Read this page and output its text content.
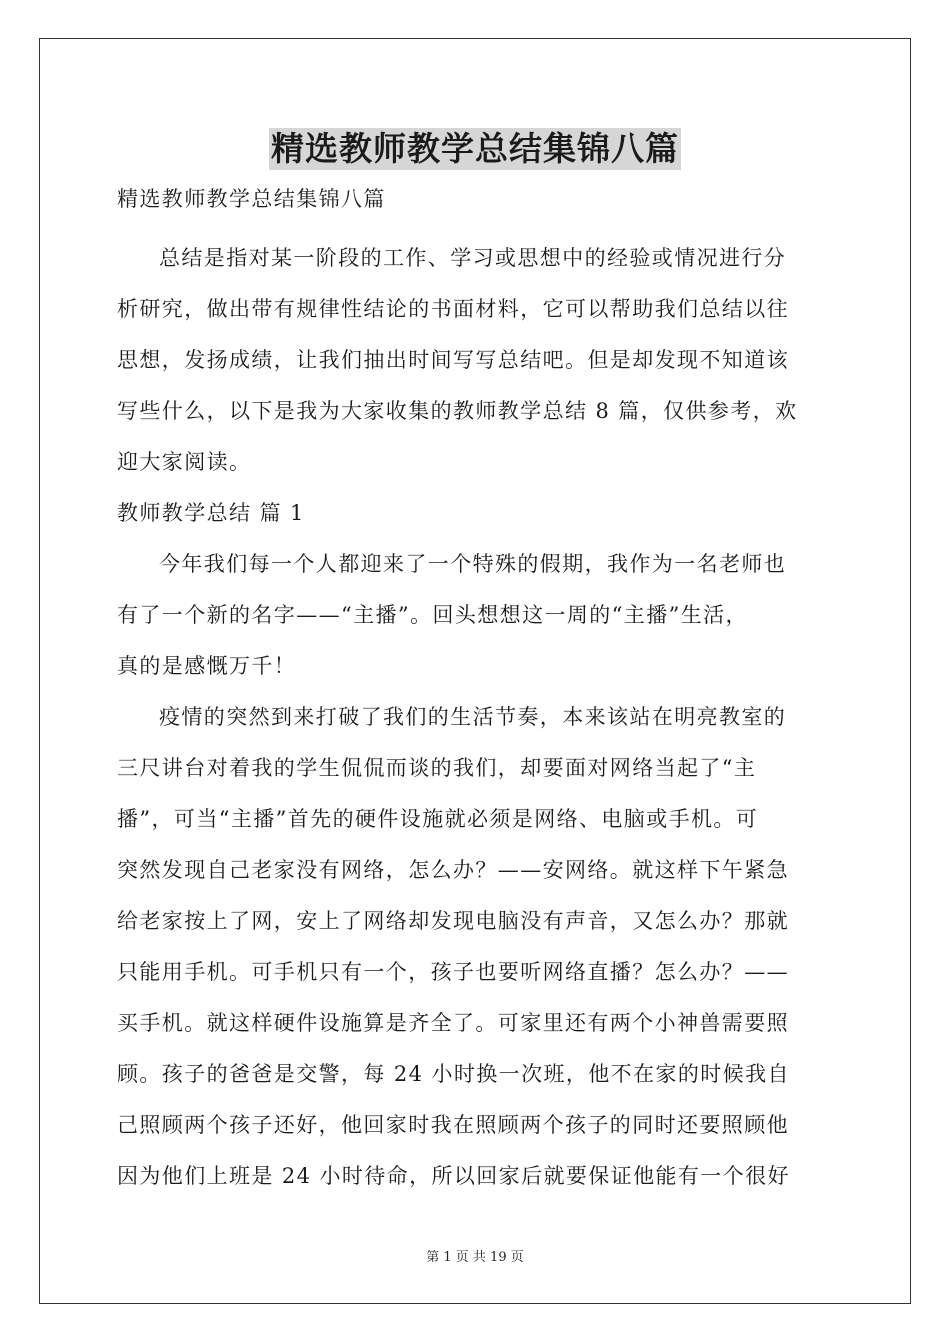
精选教师教学总结集锦八篇

精选教师教学总结集锦八篇

总结是指对某一阶段的工作、学习或思想中的经验或情况进行分

析研究，做出带有规律性结论的书面材料，它可以帮助我们总结以往

思想，发扬成绩，让我们抽出时间写写总结吧。但是却发现不知道该

写些什么，以下是我为大家收集的教师教学总结 8 篇，仅供参考，欢

迎大家阅读。

教师教学总结 篇 1

今年我们每一个人都迎来了一个特殊的假期，我作为一名老师也

有了一个新的名字——“主播”。回头想想这一周的“主播”生活，

真的是感慨万千！

疫情的突然到来打破了我们的生活节奏，本来该站在明亮教室的

三尺讲台对着我的学生侃侃而谈的我们，却要面对网络当起了“主

播”，可当“主播”首先的硬件设施就必须是网络、电脑或手机。可

突然发现自己老家没有网络，怎么办？——安网络。就这样下午紧急

给老家按上了网，安上了网络却发现电脑没有声音，又怎么办？那就

只能用手机。可手机只有一个，孩子也要听网络直播？怎么办？——

买手机。就这样硬件设施算是齐全了。可家里还有两个小神兽需要照

顾。孩子的爸爸是交警，每 24 小时换一次班，他不在家的时候我自

己照顾两个孩子还好，他回家时我在照顾两个孩子的同时还要照顾他

因为他们上班是 24 小时待命，所以回家后就要保证他能有一个很好

第 1 页 共 19 页
